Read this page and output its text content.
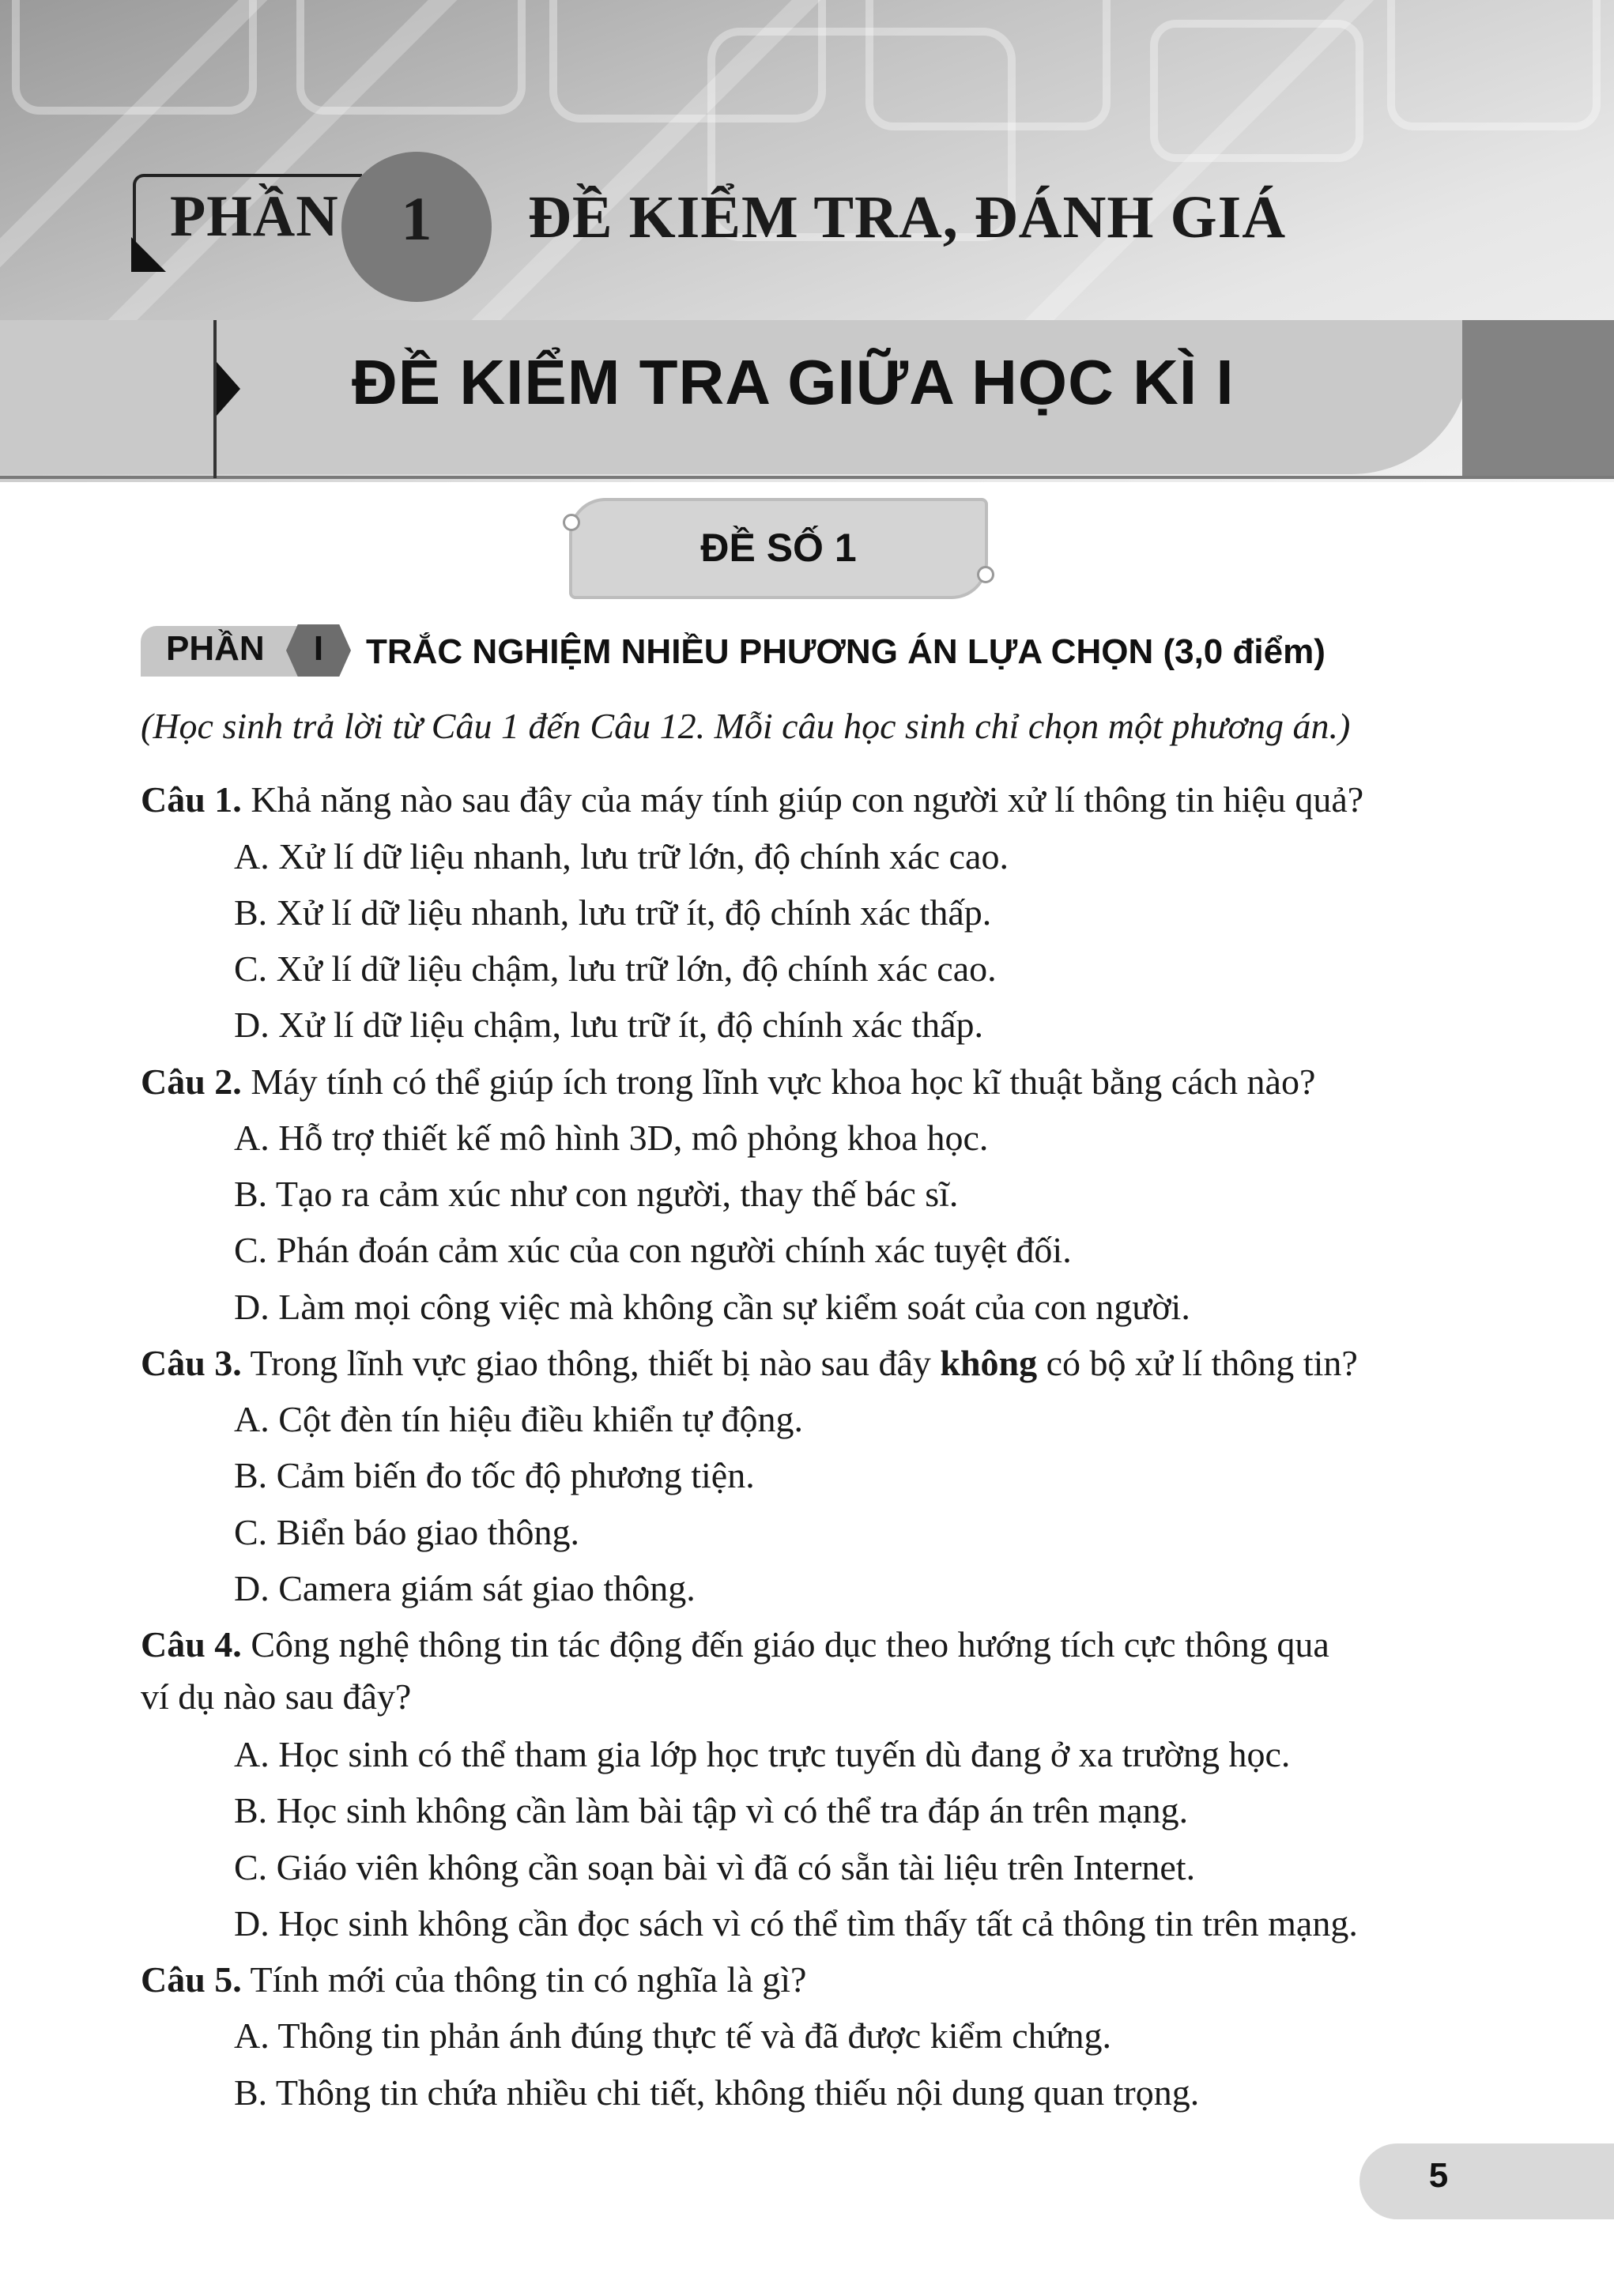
PHẦN	1	ĐỀ KIỂM TRA, ĐÁNH GIÁ
ĐỀ KIỂM TRA GIỮA HỌC KÌ I
ĐỀ SỐ 1
PHẦN	I	TRẮC NGHIỆM NHIỀU PHƯƠNG ÁN LỰA CHỌN (3,0 điểm)
(Học sinh trả lời từ Câu 1 đến Câu 12. Mỗi câu học sinh chỉ chọn một phương án.)
Câu 1. Khả năng nào sau đây của máy tính giúp con người xử lí thông tin hiệu quả?
A. Xử lí dữ liệu nhanh, lưu trữ lớn, độ chính xác cao.
B. Xử lí dữ liệu nhanh, lưu trữ ít, độ chính xác thấp.
C. Xử lí dữ liệu chậm, lưu trữ lớn, độ chính xác cao.
D. Xử lí dữ liệu chậm, lưu trữ ít, độ chính xác thấp.
Câu 2. Máy tính có thể giúp ích trong lĩnh vực khoa học kĩ thuật bằng cách nào?
A. Hỗ trợ thiết kế mô hình 3D, mô phỏng khoa học.
B. Tạo ra cảm xúc như con người, thay thế bác sĩ.
C. Phán đoán cảm xúc của con người chính xác tuyệt đối.
D. Làm mọi công việc mà không cần sự kiểm soát của con người.
Câu 3. Trong lĩnh vực giao thông, thiết bị nào sau đây không có bộ xử lí thông tin?
A. Cột đèn tín hiệu điều khiển tự động.
B. Cảm biến đo tốc độ phương tiện.
C. Biển báo giao thông.
D. Camera giám sát giao thông.
Câu 4. Công nghệ thông tin tác động đến giáo dục theo hướng tích cực thông qua
ví dụ nào sau đây?
A. Học sinh có thể tham gia lớp học trực tuyến dù đang ở xa trường học.
B. Học sinh không cần làm bài tập vì có thể tra đáp án trên mạng.
C. Giáo viên không cần soạn bài vì đã có sẵn tài liệu trên Internet.
D. Học sinh không cần đọc sách vì có thể tìm thấy tất cả thông tin trên mạng.
Câu 5. Tính mới của thông tin có nghĩa là gì?
A. Thông tin phản ánh đúng thực tế và đã được kiểm chứng.
B. Thông tin chứa nhiều chi tiết, không thiếu nội dung quan trọng.
5
